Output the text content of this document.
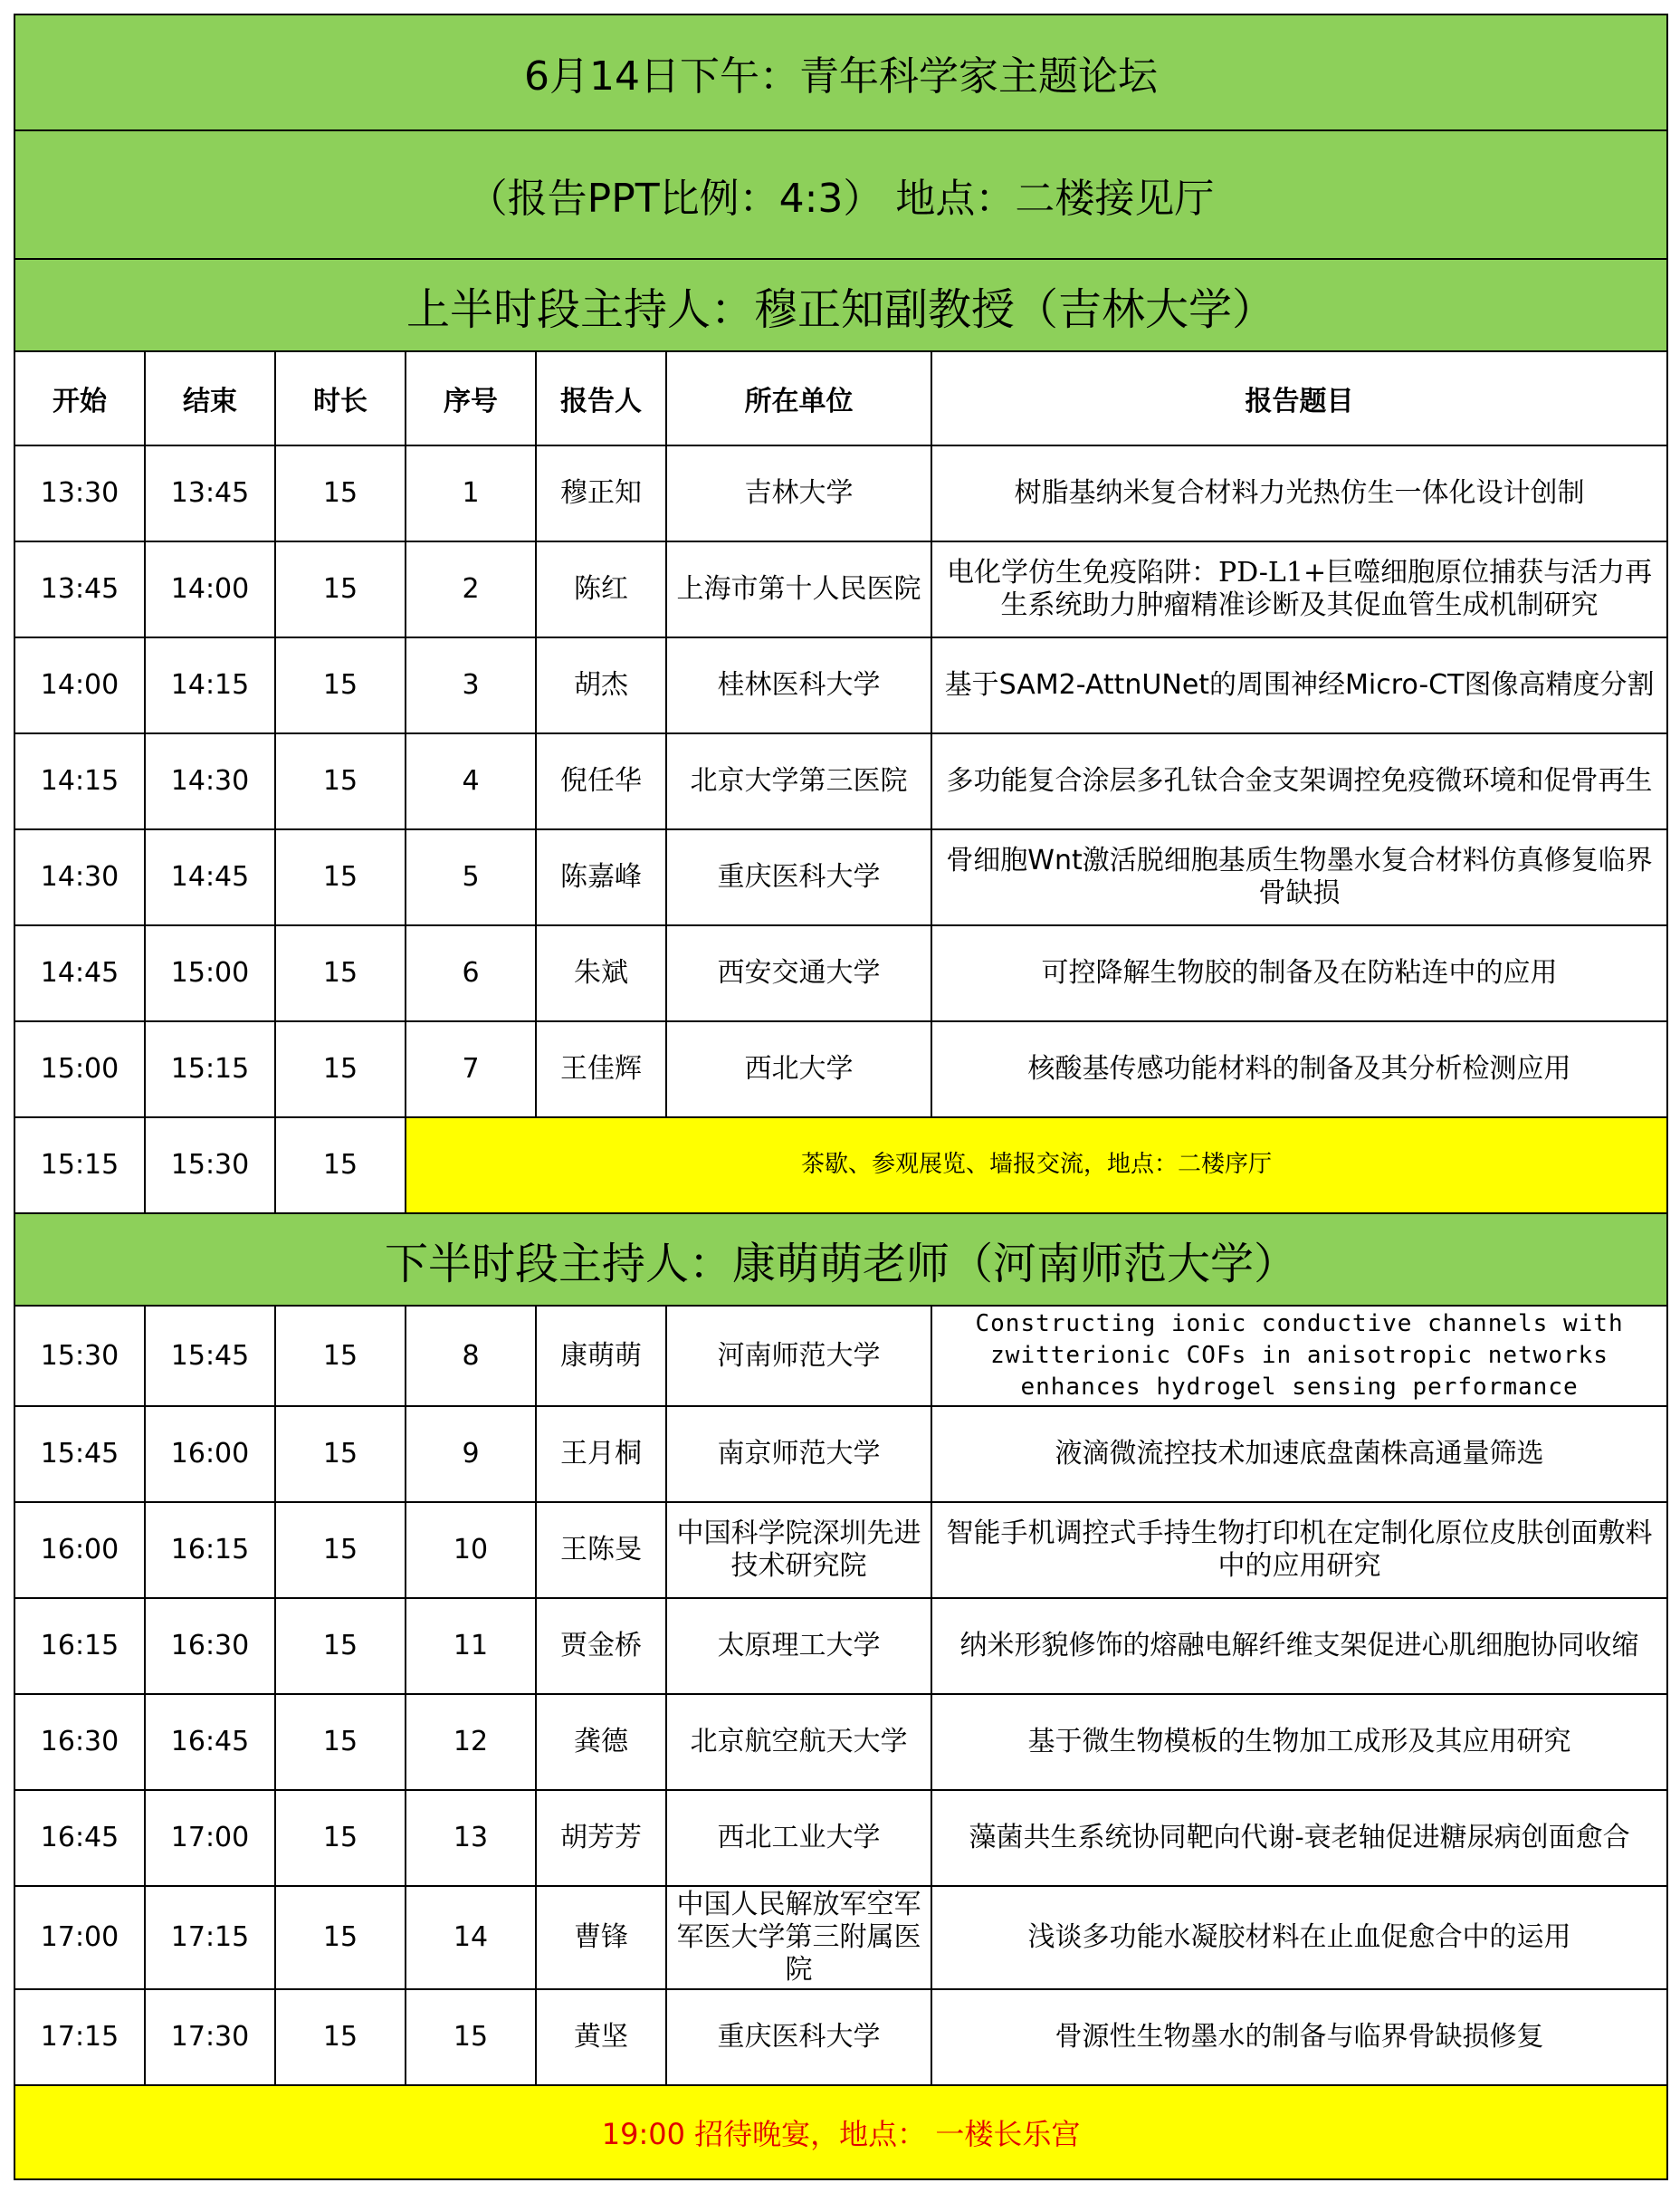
6月14日下午：青年科学家主题论坛						
（报告PPT比例：4:3） 地点：二楼接见厅						
上半时段主持人：穆正知副教授（吉林大学）						
开始	结束	时长	序号	报告人	所在单位	报告题目
13:30	13:45	15	1	穆正知	吉林大学	树脂基纳米复合材料力光热仿生一体化设计创制
13:45	14:00	15	2	陈红	上海市第十人民医院	电化学仿生免疫陷阱：PD-L1+巨噬细胞原位捕获与活力再生系统助力肿瘤精准诊断及其促血管生成机制研究
14:00	14:15	15	3	胡杰	桂林医科大学	基于SAM2-AttnUNet的周围神经Micro-CT图像高精度分割
14:15	14:30	15	4	倪任华	北京大学第三医院	多功能复合涂层多孔钛合金支架调控免疫微环境和促骨再生
14:30	14:45	15	5	陈嘉峰	重庆医科大学	骨细胞Wnt激活脱细胞基质生物墨水复合材料仿真修复临界骨缺损
14:45	15:00	15	6	朱斌	西安交通大学	可控降解生物胶的制备及在防粘连中的应用
15:00	15:15	15	7	王佳辉	西北大学	核酸基传感功能材料的制备及其分析检测应用
15:15	15:30	15	茶歇、参观展览、墙报交流，地点：二楼序厅			
下半时段主持人：康萌萌老师（河南师范大学）						
15:30	15:45	15	8	康萌萌	河南师范大学	Constructing ionic conductive channels with zwitterionic COFs in anisotropic networks enhances hydrogel sensing performance
15:45	16:00	15	9	王月桐	南京师范大学	液滴微流控技术加速底盘菌株高通量筛选
16:00	16:15	15	10	王陈旻	中国科学院深圳先进技术研究院	智能手机调控式手持生物打印机在定制化原位皮肤创面敷料中的应用研究
16:15	16:30	15	11	贾金桥	太原理工大学	纳米形貌修饰的熔融电解纤维支架促进心肌细胞协同收缩
16:30	16:45	15	12	龚德	北京航空航天大学	基于微生物模板的生物加工成形及其应用研究
16:45	17:00	15	13	胡芳芳	西北工业大学	藻菌共生系统协同靶向代谢-衰老轴促进糖尿病创面愈合
17:00	17:15	15	14	曹锋	中国人民解放军空军军医大学第三附属医院	浅谈多功能水凝胶材料在止血促愈合中的运用
17:15	17:30	15	15	黄坚	重庆医科大学	骨源性生物墨水的制备与临界骨缺损修复
19:00 招待晚宴，地点： 一楼长乐宫						
